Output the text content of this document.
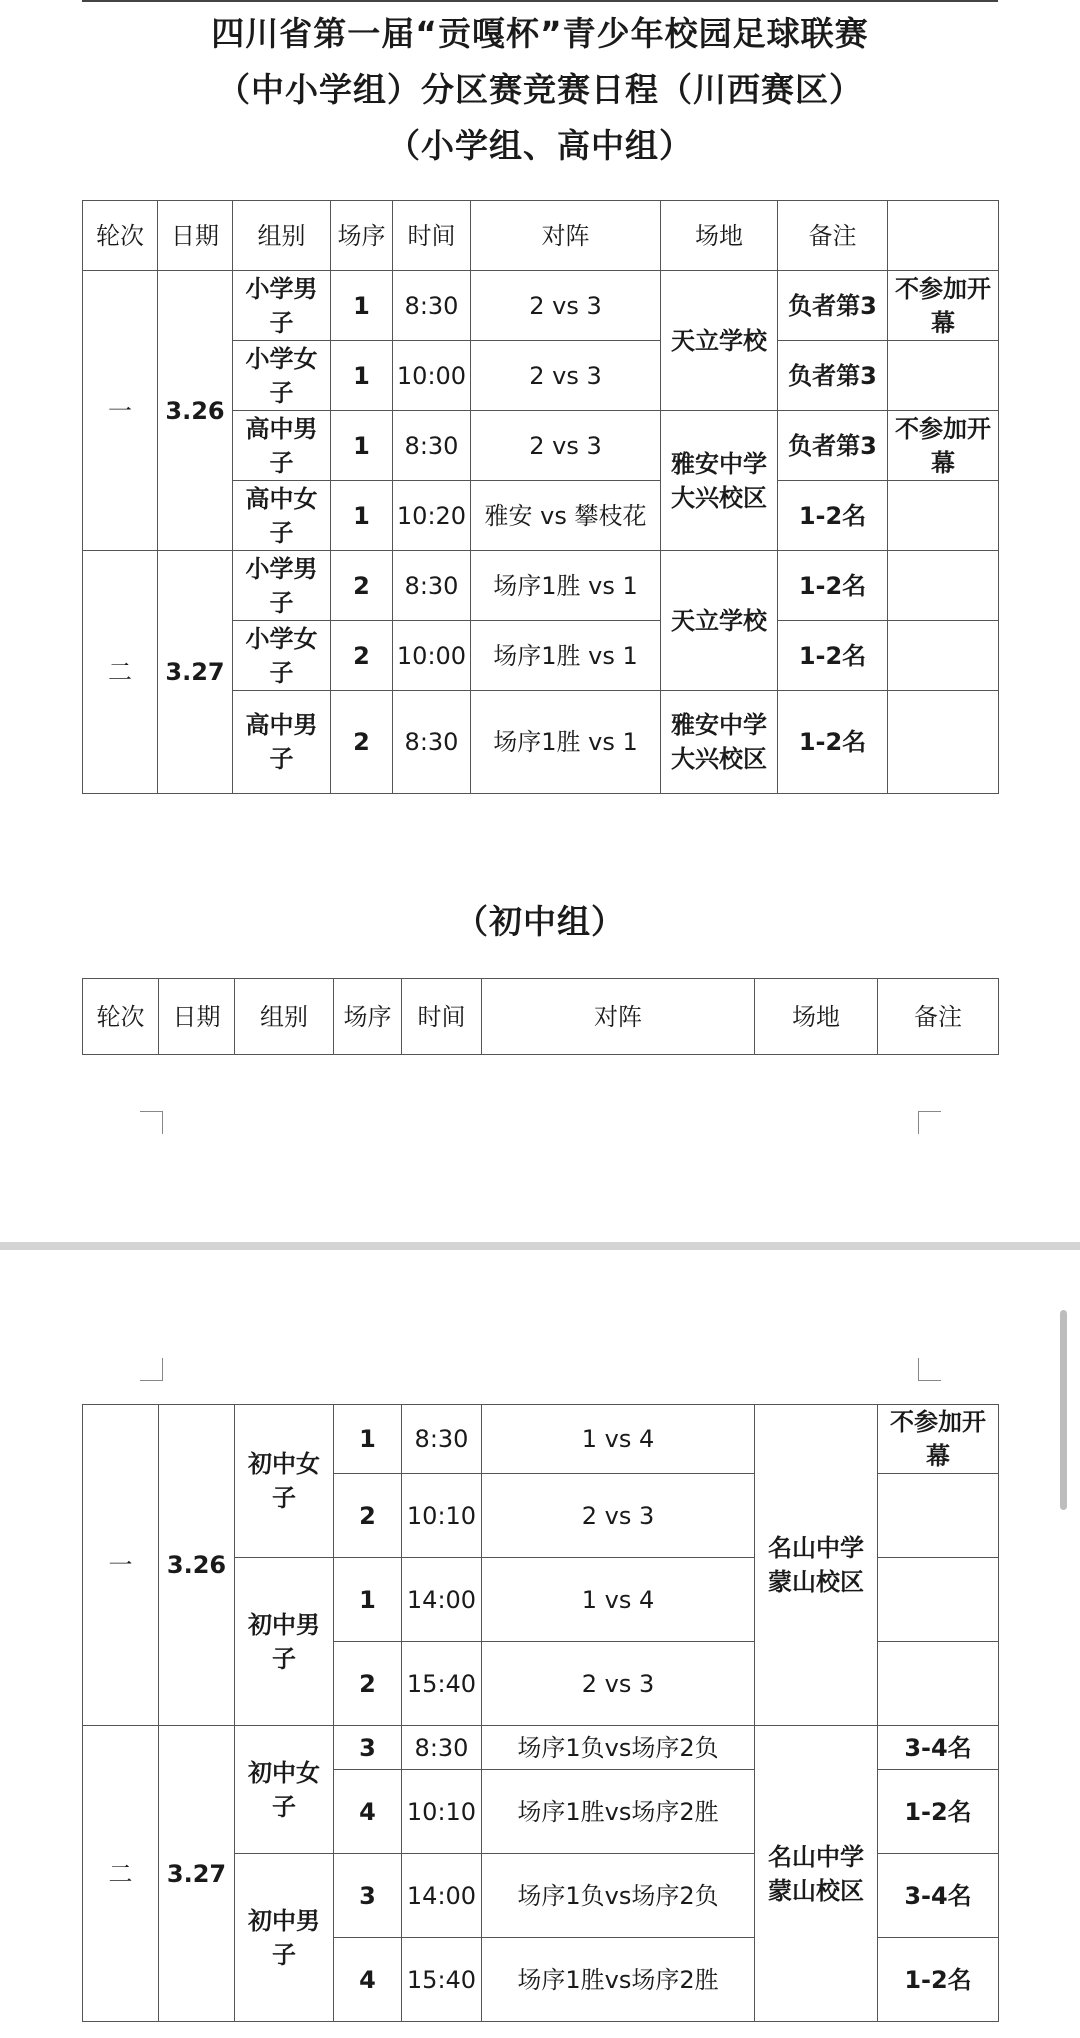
四川省第一届“贡嘎杯”青少年校园足球联赛
（中小学组）分区赛竞赛日程（川西赛区）
（小学组、高中组）
轮次	日期	组别	场序	时间	对阵	场地	备注	
一	3.26	小学男子	1	8:30	2 vs 3	天立学校	负者第3	不参加开幕
		小学女子	1	10:00	2 vs 3		负者第3	
		高中男子	1	8:30	2 vs 3	雅安中学大兴校区	负者第3	不参加开幕
		高中女子	1	10:20	雅安 vs 攀枝花		1-2名	
二	3.27	小学男子	2	8:30	场序1胜 vs 1	天立学校	1-2名	
		小学女子	2	10:00	场序1胜 vs 1		1-2名	
		高中男子	2	8:30	场序1胜 vs 1	雅安中学大兴校区	1-2名	
（初中组）
轮次	日期	组别	场序	时间	对阵	场地	备注
一	3.26	初中女子	1	8:30	1 vs 4	名山中学蒙山校区	不参加开幕
			2	10:10	2 vs 3		
		初中男子	1	14:00	1 vs 4		
			2	15:40	2 vs 3		
二	3.27	初中女子	3	8:30	场序1负vs场序2负	名山中学蒙山校区	3-4名
			4	10:10	场序1胜vs场序2胜		1-2名
		初中男子	3	14:00	场序1负vs场序2负		3-4名
			4	15:40	场序1胜vs场序2胜		1-2名
